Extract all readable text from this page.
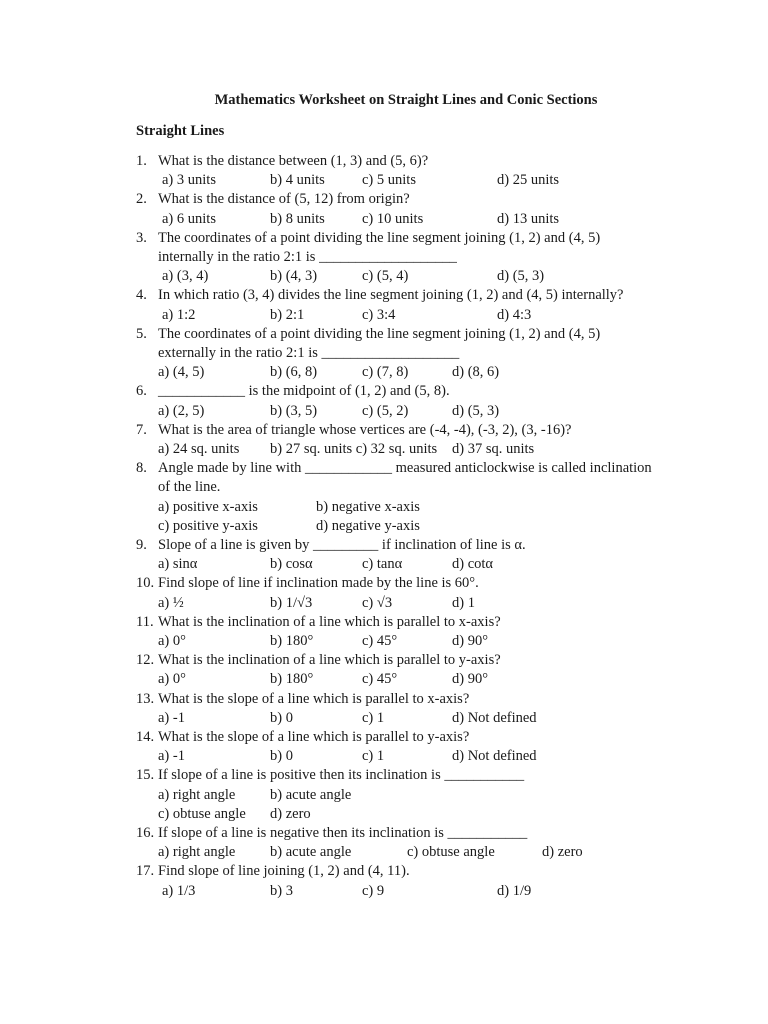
Mathematics Worksheet on Straight Lines and Conic Sections
Straight Lines
1. What is the distance between (1, 3) and (5, 6)?
a) 3 units	b) 4 units	c) 5 units	d) 25 units
2. What is the distance of (5, 12) from origin?
a) 6 units	b) 8 units	c) 10 units	d) 13 units
3. The coordinates of a point dividing the line segment joining (1, 2) and (4, 5)
internally in the ratio 2:1 is ___________________
a) (3, 4)	b) (4, 3)	c) (5, 4)	d) (5, 3)
4. In which ratio (3, 4) divides the line segment joining (1, 2) and (4, 5) internally?
a) 1:2	b) 2:1	c) 3:4	d) 4:3
5. The coordinates of a point dividing the line segment joining (1, 2) and (4, 5)
externally in the ratio 2:1 is ___________________
a) (4, 5)	b) (6, 8)	c) (7, 8)	d) (8, 6)
6. ____________ is the midpoint of (1, 2) and (5, 8).
a) (2, 5)	b) (3, 5)	c) (5, 2)	d) (5, 3)
7. What is the area of triangle whose vertices are (-4, -4), (-3, 2), (3, -16)?
a) 24 sq. units b) 27 sq. units c) 32 sq. units d) 37 sq. units
8. Angle made by line with ____________ measured anticlockwise is called inclination
of the line.
a) positive x-axis	b) negative x-axis
c) positive y-axis	d) negative y-axis
9. Slope of a line is given by _________ if inclination of line is α.
a) sinα	b) cosα	c) tanα	d) cotα
10. Find slope of line if inclination made by the line is 60°.
a) ½	b) 1/√3	c) √3	d) 1
11. What is the inclination of a line which is parallel to x-axis?
a) 0°	b) 180°	c) 45°	d) 90°
12. What is the inclination of a line which is parallel to y-axis?
a) 0°	b) 180°	c) 45°	d) 90°
13. What is the slope of a line which is parallel to x-axis?
a) -1	b) 0	c) 1	d) Not defined
14. What is the slope of a line which is parallel to y-axis?
a) -1	b) 0	c) 1	d) Not defined
15. If slope of a line is positive then its inclination is ___________
a) right angle b) acute angle
c) obtuse angle d) zero
16. If slope of a line is negative then its inclination is ___________
a) right angle b) acute angle	c) obtuse angle	d) zero
17. Find slope of line joining (1, 2) and (4, 11).
a) 1/3	b) 3	c) 9	d) 1/9
